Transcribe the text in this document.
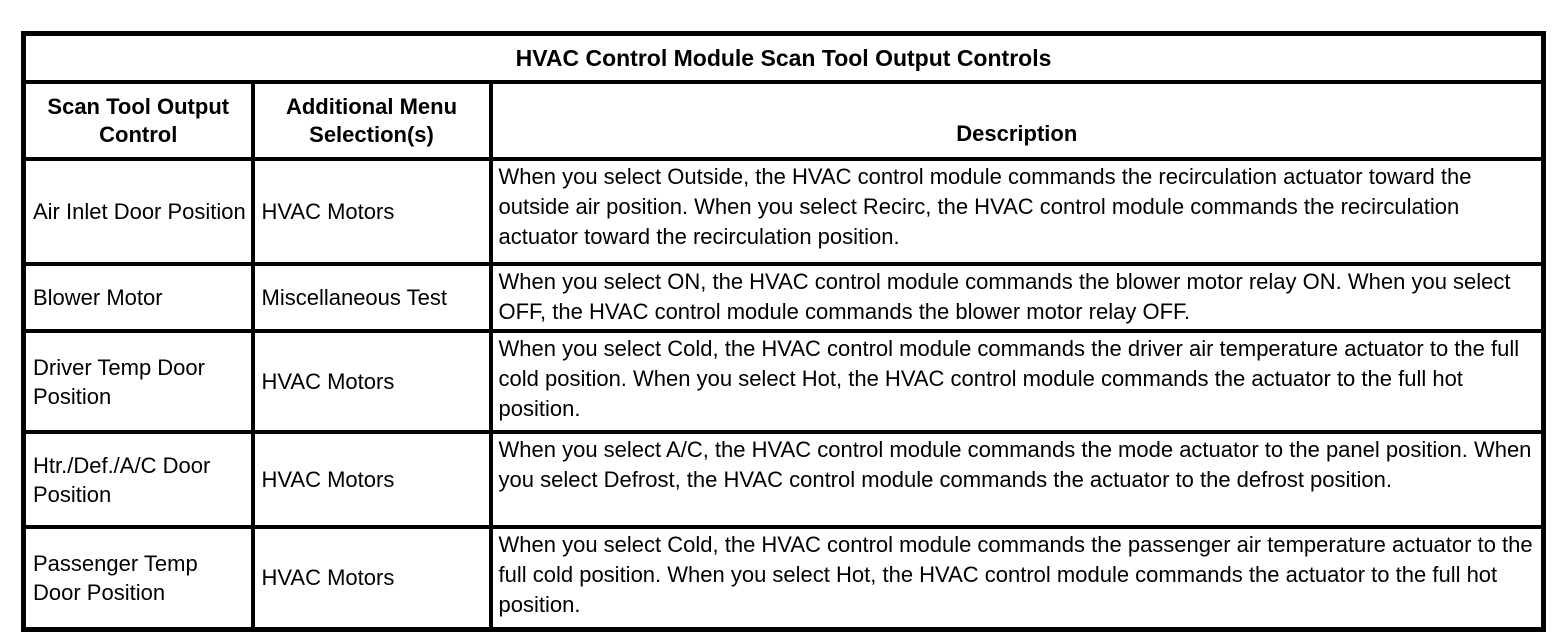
HVAC Control Module Scan Tool Output Controls		
Scan Tool Output Control	Additional Menu Selection(s)	Description
Air Inlet Door Position	HVAC Motors	When you select Outside, the HVAC control module commands the recirculation actuator toward the outside air position. When you select Recirc, the HVAC control module commands the recirculation actuator toward the recirculation position.
Blower Motor	Miscellaneous Test	When you select ON, the HVAC control module commands the blower motor relay ON. When you select OFF, the HVAC control module commands the blower motor relay OFF.
Driver Temp Door Position	HVAC Motors	When you select Cold, the HVAC control module commands the driver air temperature actuator to the full cold position. When you select Hot, the HVAC control module commands the actuator to the full hot position.
Htr./Def./A/C Door Position	HVAC Motors	When you select A/C, the HVAC control module commands the mode actuator to the panel position. When you select Defrost, the HVAC control module commands the actuator to the defrost position.
Passenger Temp Door Position	HVAC Motors	When you select Cold, the HVAC control module commands the passenger air temperature actuator to the full cold position. When you select Hot, the HVAC control module commands the actuator to the full hot position.
